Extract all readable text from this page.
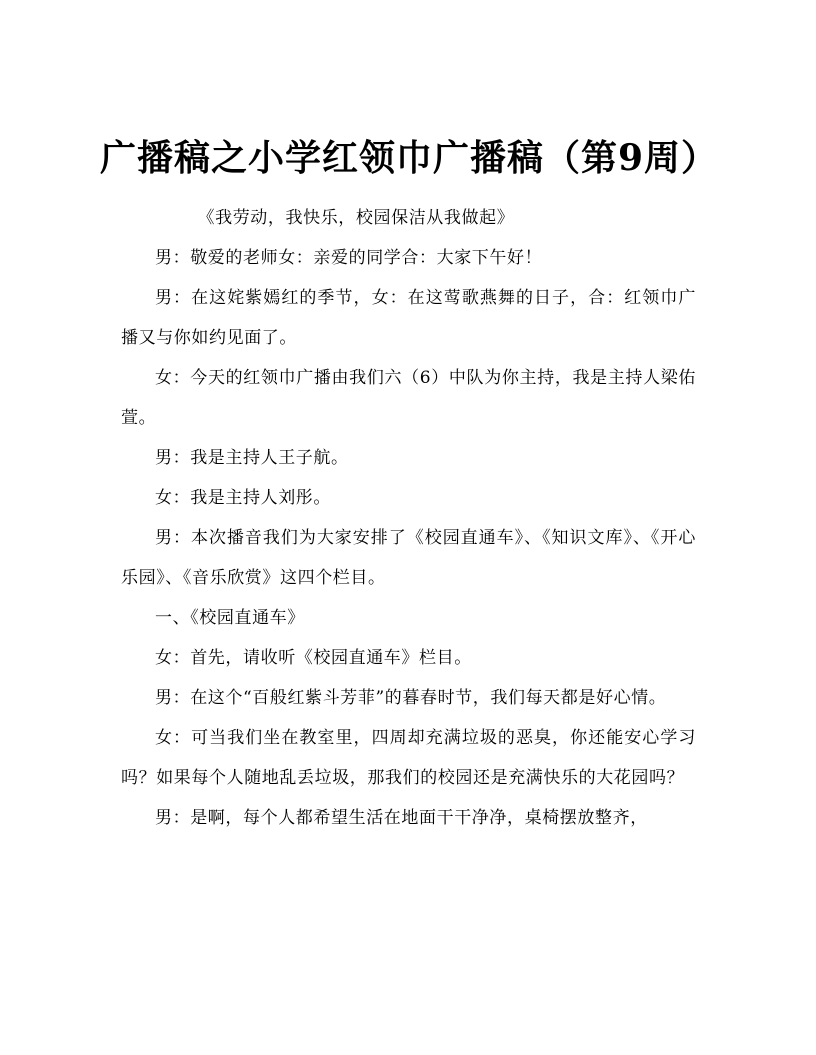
广播稿之小学红领巾广播稿（第9周）

《我劳动，我快乐，校园保洁从我做起》

男：敬爱的老师女：亲爱的同学合：大家下午好！

男：在这姹紫嫣红的季节，女：在这莺歌燕舞的日子，合：红领巾广播又与你如约见面了。

女：今天的红领巾广播由我们六（6）中队为你主持，我是主持人梁佑萱。

男：我是主持人王子航。

女：我是主持人刘彤。

男：本次播音我们为大家安排了《校园直通车》、《知识文库》、《开心乐园》、《音乐欣赏》这四个栏目。

一、《校园直通车》

女：首先，请收听《校园直通车》栏目。

男：在这个“百般红紫斗芳菲”的暮春时节，我们每天都是好心情。

女：可当我们坐在教室里，四周却充满垃圾的恶臭，你还能安心学习吗？如果每个人随地乱丢垃圾，那我们的校园还是充满快乐的大花园吗？

男：是啊，每个人都希望生活在地面干干净净，桌椅摆放整齐，
